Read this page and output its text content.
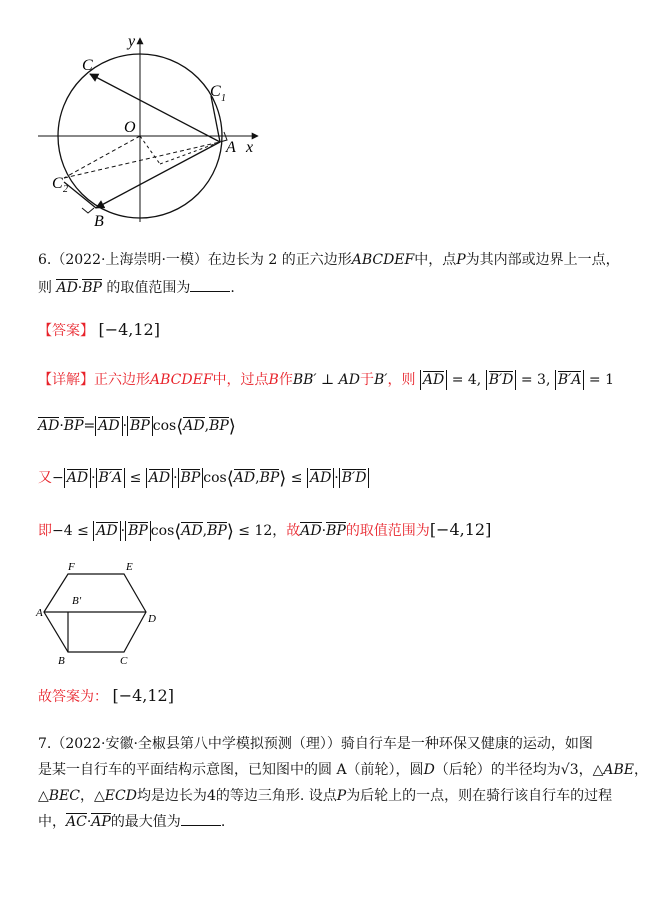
y
C
C 1
O
A x
C 2
B
6.（2022·上海崇明·一模）在边长为 2 的正六边形ABCDEF中，点P为其内部或边界上一点，
则 AD·BP 的取值范围为	.
【答案】 [−4,12]
【详解】正六边形ABCDEF中，过点B作BB′ ⊥ AD于B′，则 AD = 4, B′D = 3, B′A = 1
AD·BP= AD · BP cos⟨AD,BP⟩
又− AD · B′A ≤ AD · BP cos⟨AD,BP⟩ ≤ AD · B′D
即−4 ≤ AD · BP cos⟨AD,BP⟩ ≤ 12，故AD·BP的取值范围为[−4,12]
F	E
A
B′
D
B	C
故答案为： [−4,12]
7.（2022·安徽·全椒县第八中学模拟预测（理））骑自行车是一种环保又健康的运动，如图
是某一自行车的平面结构示意图，已知图中的圆 A（前轮），圆D（后轮）的半径均为√3，△ABE，
△BEC，△ECD均是边长为4的等边三角形. 设点P为后轮上的一点，则在骑行该自行车的过程
中，AC·AP的最大值为	.
